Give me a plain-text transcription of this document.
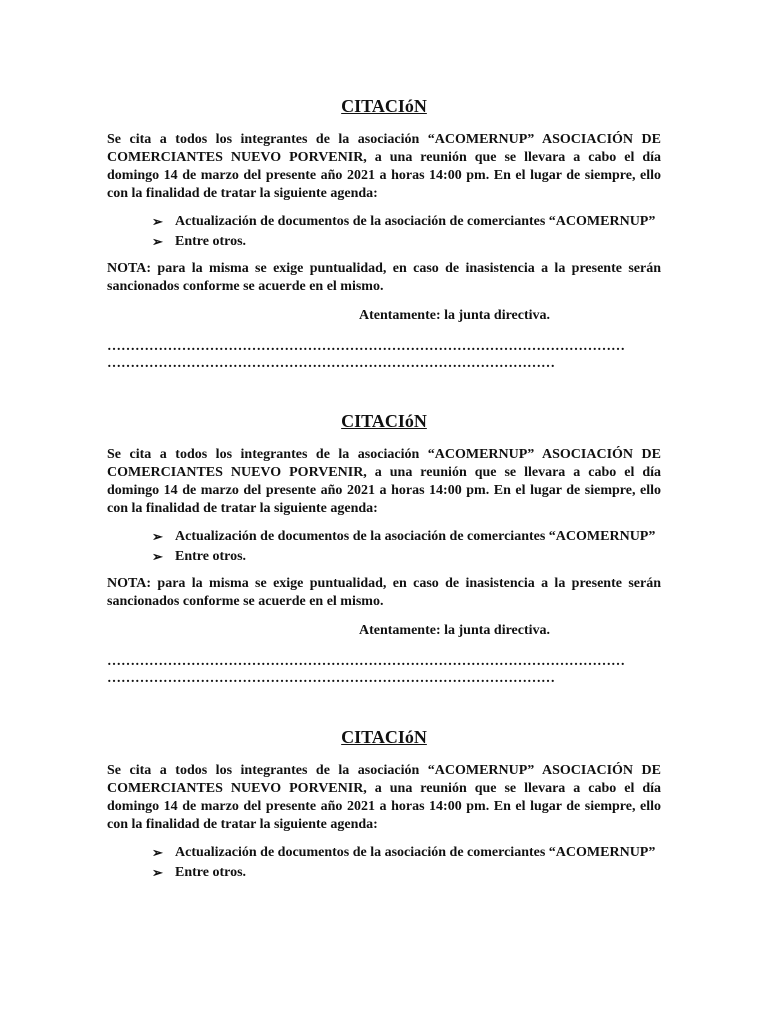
CITACIóN

Se cita a todos los integrantes de la asociación “ACOMERNUP” ASOCIACIÓN DE COMERCIANTES NUEVO PORVENIR, a una reunión que se llevara a cabo el día domingo 14 de marzo del presente año 2021 a horas 14:00 pm. En el lugar de siempre, ello con la finalidad de tratar la siguiente agenda:

➢ Actualización de documentos de la asociación de comerciantes “ACOMERNUP”
➢ Entre otros.

NOTA: para la misma se exige puntualidad, en caso de inasistencia a la presente serán sancionados conforme se acuerde en el mismo.

Atentamente: la junta directiva.
…………………………………………………………………………………………………
……………………………………………………………………………………
CITACIóN

Se cita a todos los integrantes de la asociación “ACOMERNUP” ASOCIACIÓN DE COMERCIANTES NUEVO PORVENIR, a una reunión que se llevara a cabo el día domingo 14 de marzo del presente año 2021 a horas 14:00 pm. En el lugar de siempre, ello con la finalidad de tratar la siguiente agenda:

➢ Actualización de documentos de la asociación de comerciantes “ACOMERNUP”
➢ Entre otros.

NOTA: para la misma se exige puntualidad, en caso de inasistencia a la presente serán sancionados conforme se acuerde en el mismo.

Atentamente: la junta directiva.
…………………………………………………………………………………………………
……………………………………………………………………………………
CITACIóN

Se cita a todos los integrantes de la asociación “ACOMERNUP” ASOCIACIÓN DE COMERCIANTES NUEVO PORVENIR, a una reunión que se llevara a cabo el día domingo 14 de marzo del presente año 2021 a horas 14:00 pm. En el lugar de siempre, ello con la finalidad de tratar la siguiente agenda:

➢ Actualización de documentos de la asociación de comerciantes “ACOMERNUP”
➢ Entre otros.
